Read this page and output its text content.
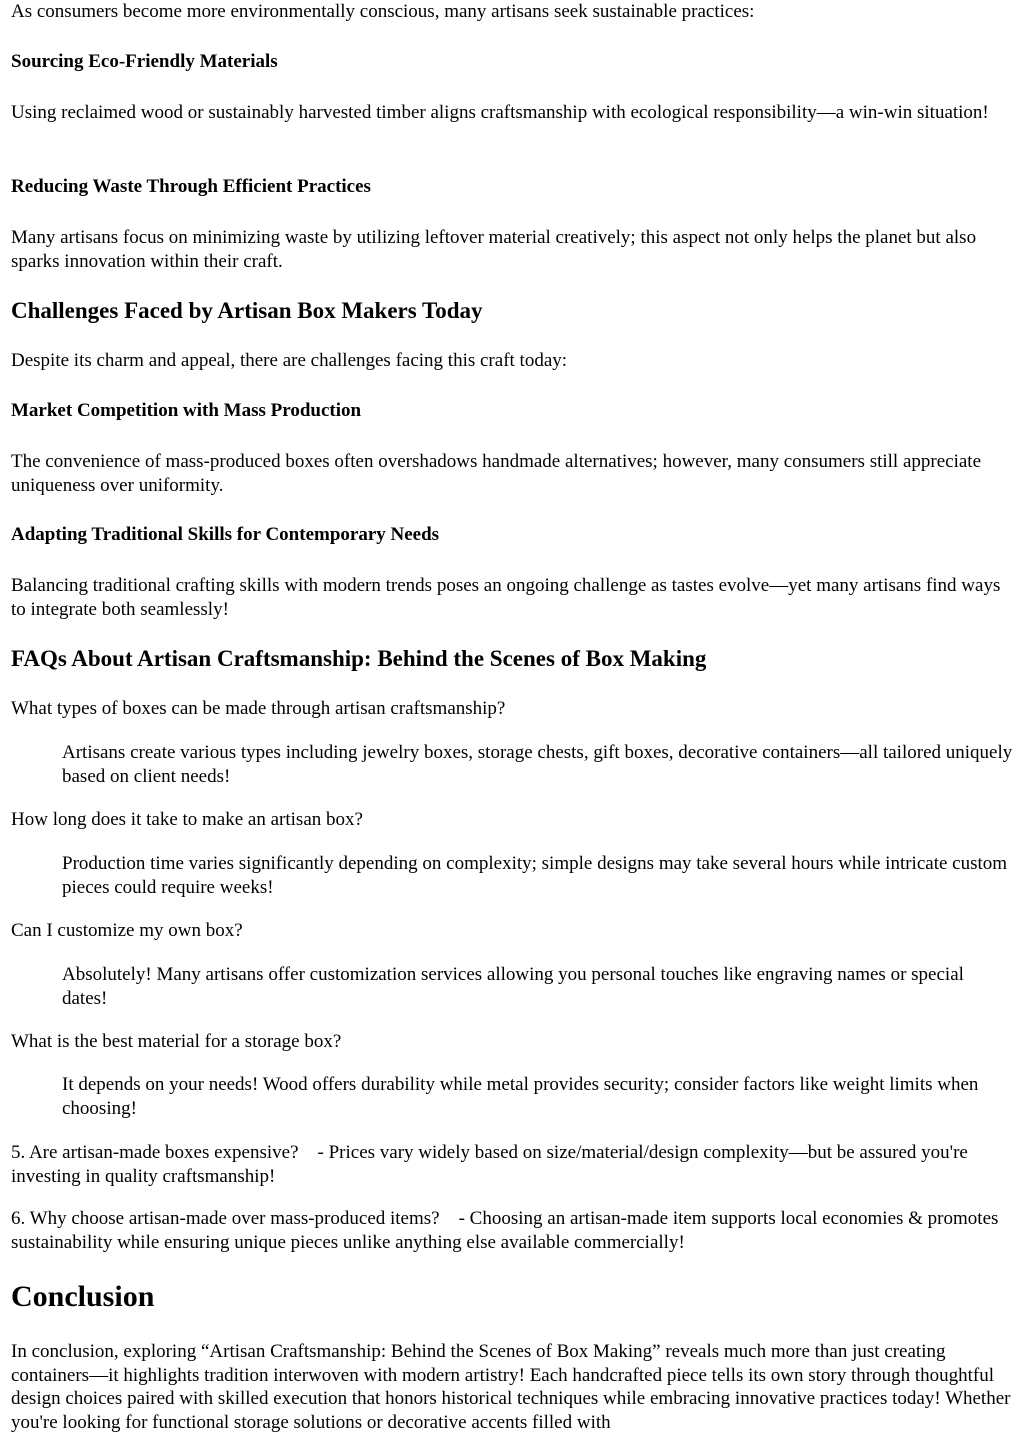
As consumers become more environmentally conscious, many artisans seek sustainable practices:

Sourcing Eco-Friendly Materials

Using reclaimed wood or sustainably harvested timber aligns craftsmanship with ecological responsibility—a win-win situation!

Reducing Waste Through Efficient Practices

Many artisans focus on minimizing waste by utilizing leftover material creatively; this aspect not only helps the planet but also sparks innovation within their craft.

Challenges Faced by Artisan Box Makers Today

Despite its charm and appeal, there are challenges facing this craft today:

Market Competition with Mass Production

The convenience of mass-produced boxes often overshadows handmade alternatives; however, many consumers still appreciate uniqueness over uniformity.

Adapting Traditional Skills for Contemporary Needs

Balancing traditional crafting skills with modern trends poses an ongoing challenge as tastes evolve—yet many artisans find ways to integrate both seamlessly!

FAQs About Artisan Craftsmanship: Behind the Scenes of Box Making

What types of boxes can be made through artisan craftsmanship?

Artisans create various types including jewelry boxes, storage chests, gift boxes, decorative containers—all tailored uniquely based on client needs!

How long does it take to make an artisan box?

Production time varies significantly depending on complexity; simple designs may take several hours while intricate custom pieces could require weeks!

Can I customize my own box?

Absolutely! Many artisans offer customization services allowing you personal touches like engraving names or special dates!

What is the best material for a storage box?

It depends on your needs! Wood offers durability while metal provides security; consider factors like weight limits when choosing!

5. Are artisan-made boxes expensive?    - Prices vary widely based on size/material/design complexity—but be assured you're investing in quality craftsmanship!

6. Why choose artisan-made over mass-produced items?    - Choosing an artisan-made item supports local economies & promotes sustainability while ensuring unique pieces unlike anything else available commercially!

Conclusion

In conclusion, exploring “Artisan Craftsmanship: Behind the Scenes of Box Making” reveals much more than just creating containers—it highlights tradition interwoven with modern artistry! Each handcrafted piece tells its own story through thoughtful design choices paired with skilled execution that honors historical techniques while embracing innovative practices today! Whether you're looking for functional storage solutions or decorative accents filled with
